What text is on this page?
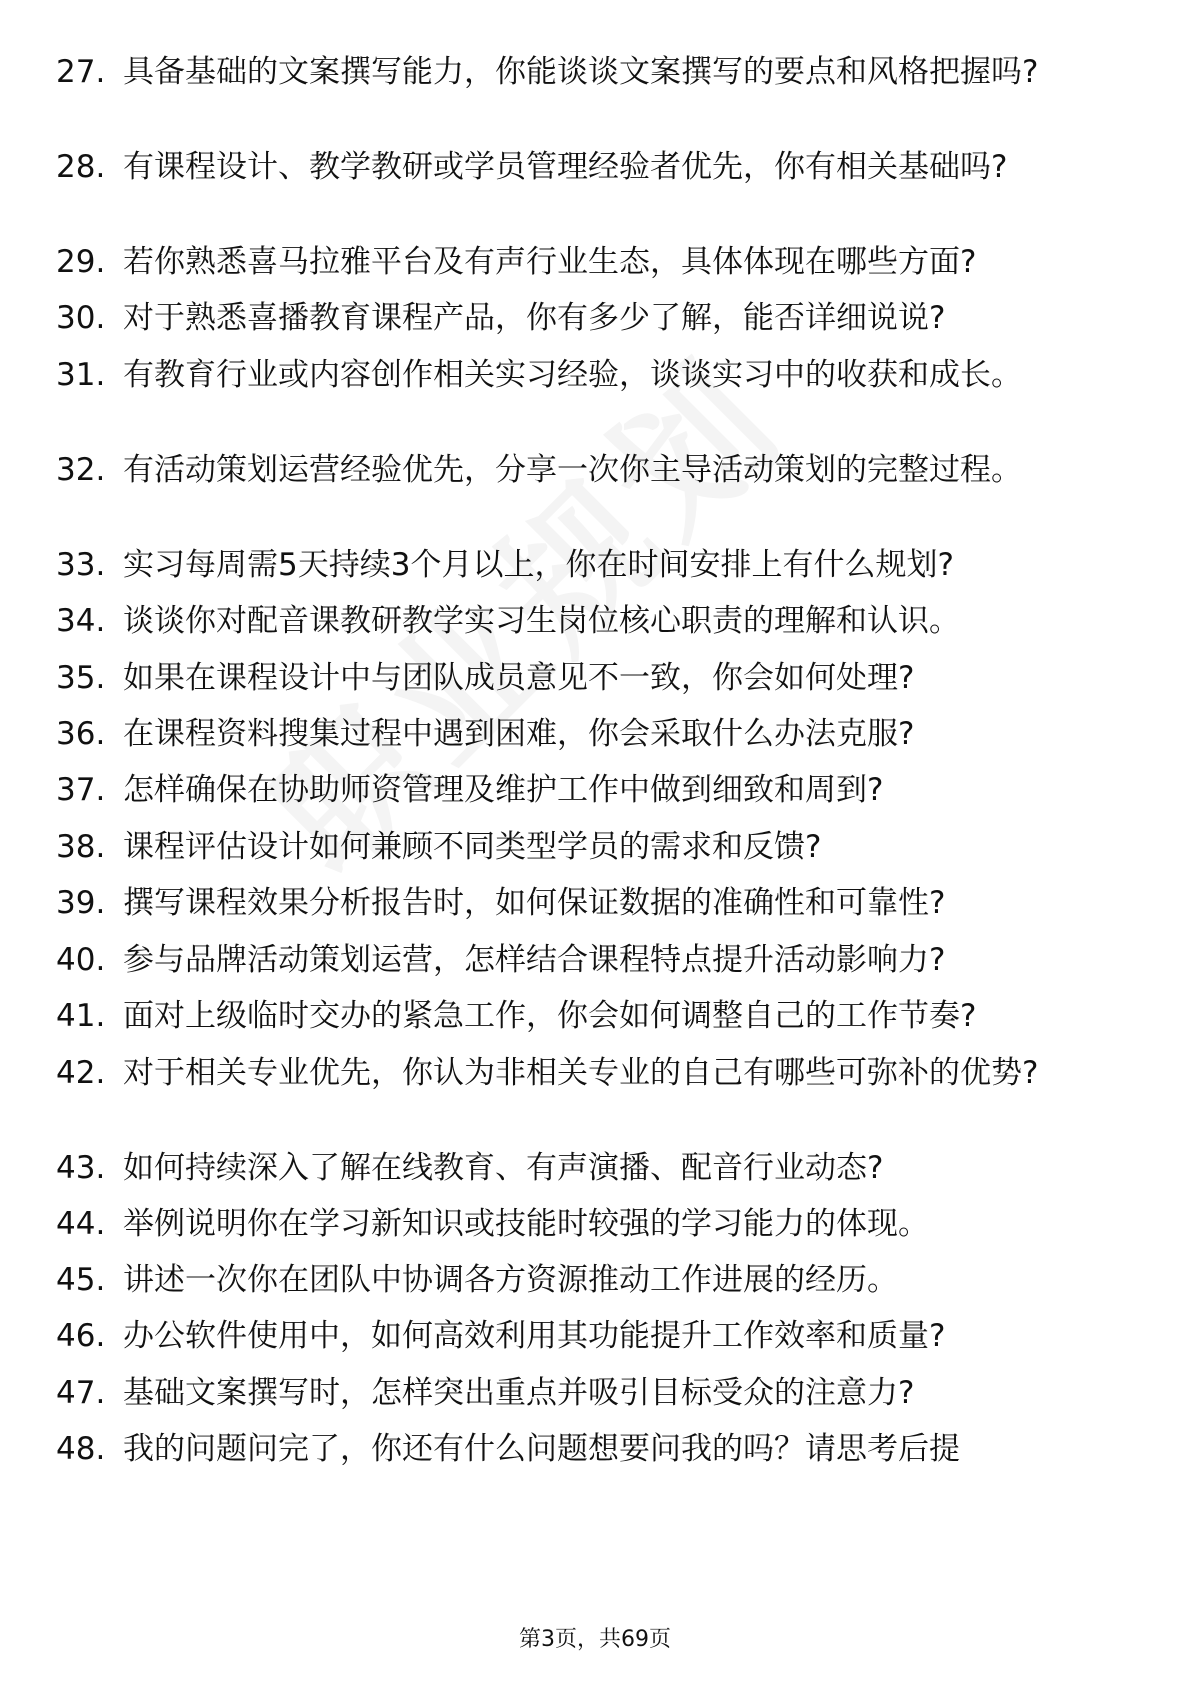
27. 具备基础的文案撰写能力，你能谈谈文案撰写的要点和风格把握吗?
28. 有课程设计、教学教研或学员管理经验者优先，你有相关基础吗?
29. 若你熟悉喜马拉雅平台及有声行业生态，具体体现在哪些方面?
30. 对于熟悉喜播教育课程产品，你有多少了解，能否详细说说?
31. 有教育行业或内容创作相关实习经验，谈谈实习中的收获和成长。
32. 有活动策划运营经验优先，分享一次你主导活动策划的完整过程。
33. 实习每周需5天持续3个月以上，你在时间安排上有什么规划?
34. 谈谈你对配音课教研教学实习生岗位核心职责的理解和认识。
35. 如果在课程设计中与团队成员意见不一致，你会如何处理?
36. 在课程资料搜集过程中遇到困难，你会采取什么办法克服?
37. 怎样确保在协助师资管理及维护工作中做到细致和周到?
38. 课程评估设计如何兼顾不同类型学员的需求和反馈?
39. 撰写课程效果分析报告时，如何保证数据的准确性和可靠性?
40. 参与品牌活动策划运营，怎样结合课程特点提升活动影响力?
41. 面对上级临时交办的紧急工作，你会如何调整自己的工作节奏?
42. 对于相关专业优先，你认为非相关专业的自己有哪些可弥补的优势?
43. 如何持续深入了解在线教育、有声演播、配音行业动态?
44. 举例说明你在学习新知识或技能时较强的学习能力的体现。
45. 讲述一次你在团队中协调各方资源推动工作进展的经历。
46. 办公软件使用中，如何高效利用其功能提升工作效率和质量?
47. 基础文案撰写时，怎样突出重点并吸引目标受众的注意力?
48. 我的问题问完了，你还有什么问题想要问我的吗？请思考后提
第3页，共69页
